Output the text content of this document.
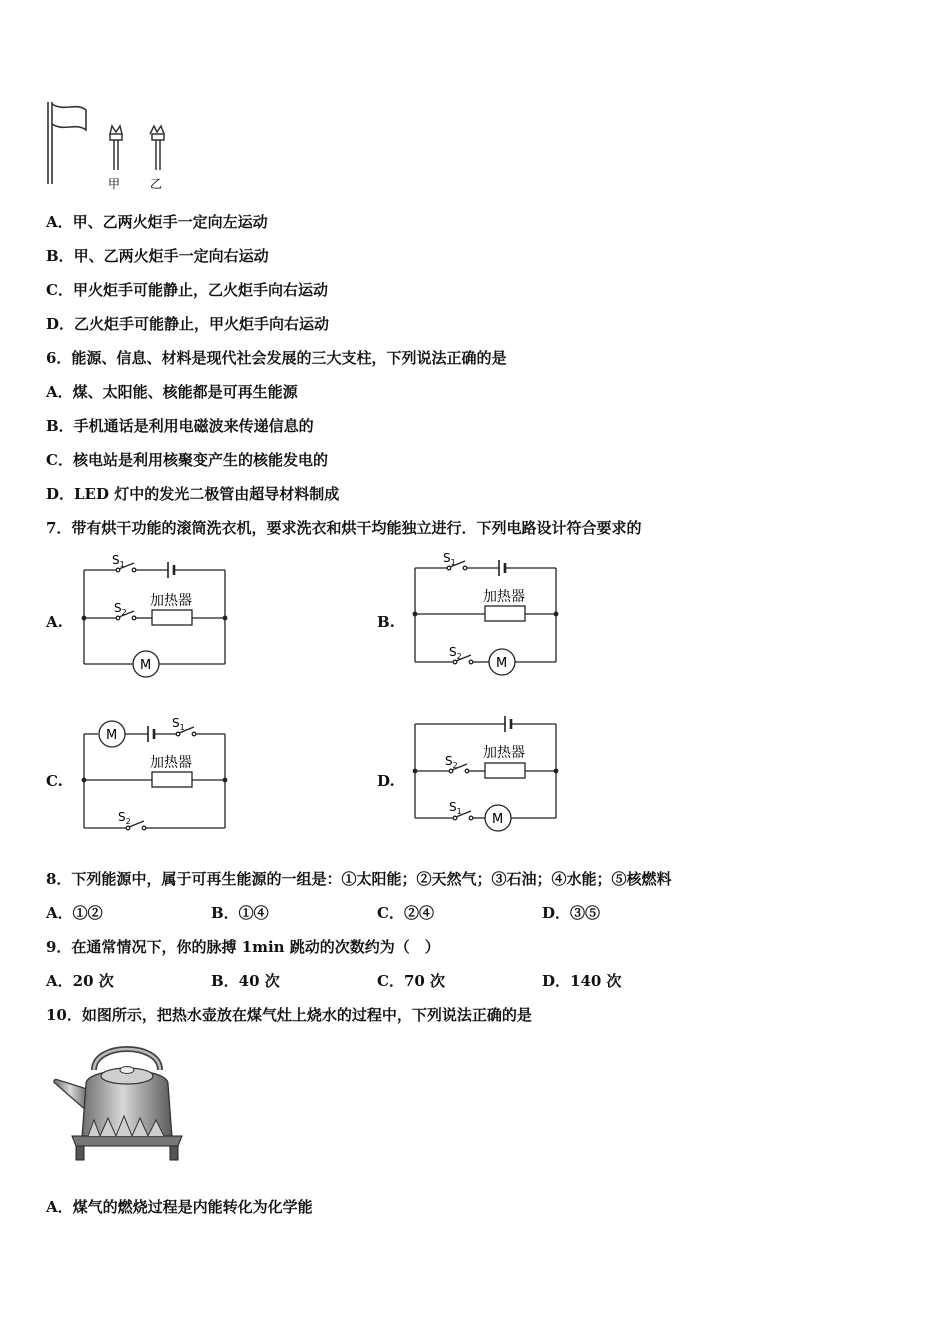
甲 乙
A．甲、乙两火炬手一定向左运动
B．甲、乙两火炬手一定向右运动
C．甲火炬手可能静止，乙火炬手向右运动
D．乙火炬手可能静止，甲火炬手向右运动
6．能源、信息、材料是现代社会发展的三大支柱，下列说法正确的是
A．煤、太阳能、核能都是可再生能源
B．手机通话是利用电磁波来传递信息的
C．核电站是利用核聚变产生的核能发电的
D．LED 灯中的发光二极管由超导材料制成
7．带有烘干功能的滚筒洗衣机，要求洗衣和烘干均能独立进行．下列电路设计符合要求的
A.	B.
C.	D.
$S_1$
$S_2$
加热器
M
$S_1$
$S_2$
加热器
M
M
$S_1$
加热器
$S_2$
$S_2$
加热器
$S_1$
M
8．下列能源中，属于可再生能源的一组是：①太阳能；②天然气；③石油；④水能；⑤核燃料
A．①②	B．①④	C．②④	D．③⑤
9．在通常情况下，你的脉搏 1min 跳动的次数约为（　）
A．20 次	B．40 次	C．70 次	D．140 次
10．如图所示，把热水壶放在煤气灶上烧水的过程中，下列说法正确的是
A．煤气的燃烧过程是内能转化为化学能
